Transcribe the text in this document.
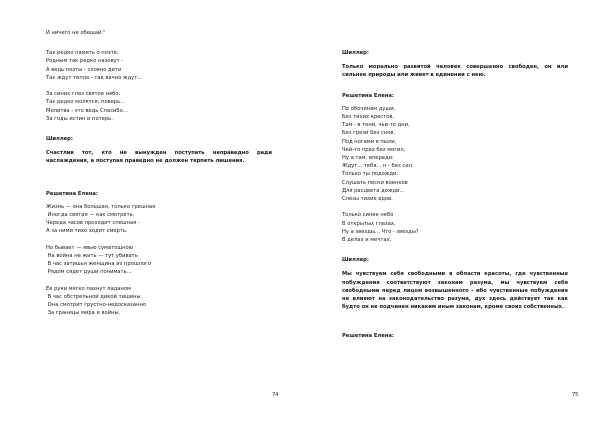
И ничего не обещай."
Так редко память о поэте,
Родным так редко назовут -
А ведь поэты - словно дети
Так ждут тепла - так вечно ждут...
За синих глаз святое небо,
Так редко молятся, поверь...
Молитва - это ведь Спасибо...
За годы истин и потерь.
Шиллер:
Счастлив тот, кто не вынужден поступать неправедно ради наслаждения, а поступая праведно не должен терпеть лишения.
Решетина Елена:
Жизнь — она большая, только грешная
Иногда святая — как смотреть,
Череда часов проходит спешная -
А за ними тихо ходит смерть.
Но бывает — явью суматошною
На война не жить — тут убивать
В час затишья женщина из прошлого
Рядом сядет души понимать...
Ее руки мягко пахнут ладаном
В час обстрельной дикой тишины
Она смотрит грустно-недосказанно
За границы мира и войны.
74
Шиллер:
Только морально развитой человек совершенно свободен, он или сильнее природы или живет в единении с нею.
Решетина Елена:
По обочинам души,
Без тихих крестов,
Там - в тени, чьи-то дни,
Без грези без снов.
Под ногами в пыли,
Чей-то прах без могил,
Ну а там, впереди:
Ждут... тебя... н - без сил.
Только ты подожди,
Слушать песни военков
Для расцвета дожди...
Слезы тихие вдов.
Только синее небо
В открытых глазах,
Ну а звезды... Что - звезды?
В делах и мечтах.
Шиллер:
Мы чувствуем себя свободными в области красоты, где чувственные побуждения соответствуют законам разума, мы чувствуем себя свободными перед лицом возвышенного - ибо чувственные побуждения не влияют на законодательство разума, дух здесь действует так как будто он не подчинен никаким иным законам, кроме своих собственных.
Решетина Елена:
75
